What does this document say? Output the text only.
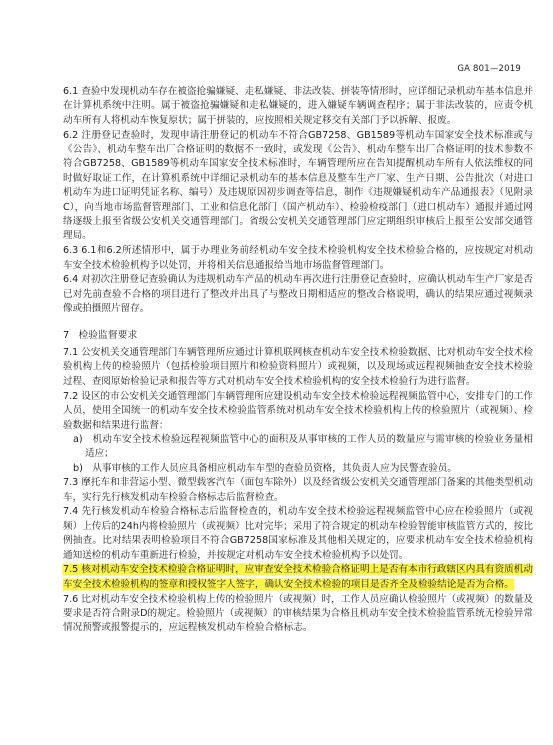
GA 801—2019

6.1 查验中发现机动车存在被盗抢骗嫌疑、走私嫌疑、非法改装、拼装等情形时，应详细记录机动车基本信息并在计算机系统中注明。属于被盗抢骗嫌疑和走私嫌疑的，进入嫌疑车辆调查程序；属于非法改装的，应责令机动车所有人将机动车恢复原状；属于拼装的，应按照相关规定移交有关部门予以拆解、报废。

6.2 注册登记查验时，发现申请注册登记的机动车不符合GB7258、GB1589等机动车国家安全技术标准或与《公告》、机动车整车出厂合格证明的数据不一致时，或发现《公告》、机动车整车出厂合格证明的技术参数不符合GB7258、GB1589等机动车国家安全技术标准时，车辆管理所应在告知提醒机动车所有人依法维权的同时做好取证工作，在计算机系统中详细记录机动车的基本信息及整车生产厂家、生产日期、公告批次（对进口机动车为进口证明凭证名称、编号）及违规原因初步调查等信息，制作《违规嫌疑机动车产品通报表》（见附录C），向当地市场监督管理部门、工业和信息化部门（国产机动车）、检验检疫部门（进口机动车）通报并通过网络逐级上报至省级公安机关交通管理部门。省级公安机关交通管理部门应定期组织审核后上报至公安部交通管理局。

6.3 6.1和6.2所述情形中，属于办理业务前经机动车安全技术检验机构安全技术检验合格的，应按规定对机动车安全技术检验机构予以处罚，并将相关信息通报给当地市场监督管理部门。

6.4 对初次注册登记查验确认为违规机动车产品的机动车再次进行注册登记查验时，应确认机动车生产厂家是否已对先前查验不合格的项目进行了整改并出具了与整改日期相适应的整改合格说明，确认的结果应通过视频录像或拍摄照片留存。

7 检验监督要求

7.1 公安机关交通管理部门车辆管理所应通过计算机联网核查机动车安全技术检验数据、比对机动车安全技术检验机构上传的检验照片（包括检验项目照片和检验资料照片）或视频，以及现场或远程视频抽查安全技术检验过程、查阅原始检验记录和报告等方式对机动车安全技术检验机构的安全技术检验行为进行监督。

7.2 设区的市公安机关交通管理部门车辆管理所应建设机动车安全技术检验远程视频监管中心，安排专门的工作人员，使用全国统一的机动车安全技术检验监管系统对机动车安全技术检验机构上传的检验照片（或视频）、检验数据和结果进行监督：

a)　机动车安全技术检验远程视频监管中心的面积及从事审核的工作人员的数量应与需审核的检验业务量相适应；

b)　从事审核的工作人员应具备相应机动车车型的查验员资格，其负责人应为民警查验员。

7.3 摩托车和非营运小型、微型载客汽车（面包车除外）以及经省级公安机关交通管理部门备案的其他类型机动车，实行先行核发机动车检验合格标志后监督检查。

7.4 先行核发机动车检验合格标志后监督检查的，机动车安全技术检验远程视频监管中心应在检验照片（或视频）上传后的24h内将检验照片（或视频）比对完毕；采用了符合规定的机动车检验智能审核监管方式的，按比例抽查。比对结果表明检验项目不符合GB7258国家标准及其他相关规定的，应要求机动车安全技术检验机构通知送检的机动车重新进行检验，并按规定对机动车安全技术检验机构予以处罚。

7.5 核对机动车安全技术检验合格证明时，应审查安全技术检验合格证明上是否有本市行政辖区内具有资质机动车安全技术检验机构的签章和授权签字人签字，确认安全技术检验的项目是否齐全及检验结论是否为合格。

7.6 比对机动车安全技术检验机构上传的检验照片（或视频）时，工作人员应确认检验照片（或视频）的数量及要求是否符合附录D的规定。检验照片（或视频）的审核结果为合格且机动车安全技术检验监管系统无检验异常情况预警或报警提示的，应远程核发机动车检验合格标志。
